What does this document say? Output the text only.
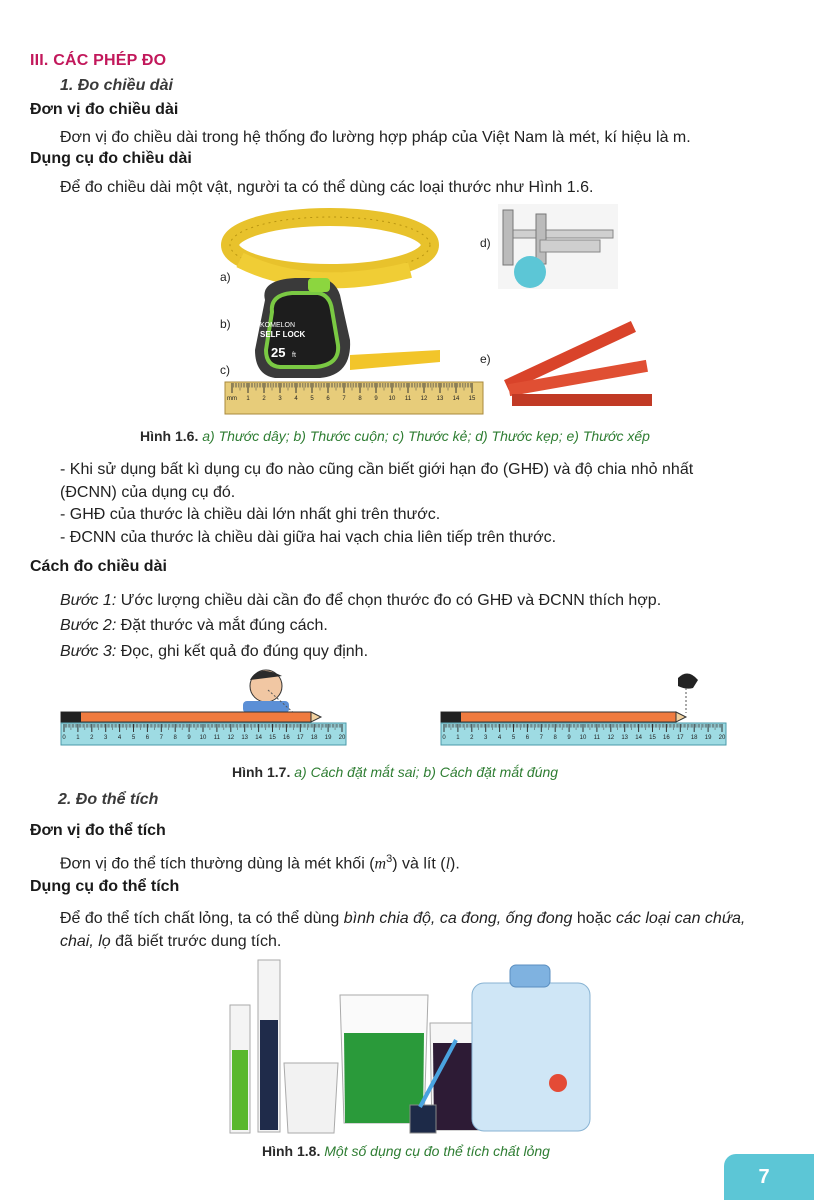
III. CÁC PHÉP ĐO
1. Đo chiều dài
Đơn vị đo chiều dài
Đơn vị đo chiều dài trong hệ thống đo lường hợp pháp của Việt Nam là mét, kí hiệu là m.
Dụng cụ đo chiều dài
Để đo chiều dài một vật, người ta có thể dùng các loại thước như Hình 1.6.
KOMELON
SELF LOCK
25 ft
mm 1 2 3 4 5 6 7 8 9 10 11 12 13 14 15
a)
b)
c)
d)
e)
Hình 1.6. a) Thước dây; b) Thước cuộn; c) Thước kẻ; d) Thước kẹp; e) Thước xếp
- Khi sử dụng bất kì dụng cụ đo nào cũng cần biết giới hạn đo (GHĐ) và độ chia nhỏ nhất
(ĐCNN) của dụng cụ đó.
- GHĐ của thước là chiều dài lớn nhất ghi trên thước.
- ĐCNN của thước là chiều dài giữa hai vạch chia liên tiếp trên thước.
Cách đo chiều dài
Bước 1: Ước lượng chiều dài cần đo để chọn thước đo có GHĐ và ĐCNN thích hợp.
Bước 2: Đặt thước và mắt đúng cách.
Bước 3: Đọc, ghi kết quả đo đúng quy định.
0 1 2 3 4 5 6 7 8 9 10 11 12 13 14 15 16 17 18 19 20	0 1 2 3 4 5 6 7 8 9 10 11 12 13 14 15 16 17 18 19 20
Hình 1.7. a) Cách đặt mắt sai; b) Cách đặt mắt đúng
2. Đo thể tích
Đơn vị đo thể tích
Đơn vị đo thể tích thường dùng là mét khối $(m^3)$ và lít (l).
Dụng cụ đo thể tích
Để đo thể tích chất lỏng, ta có thể dùng bình chia độ, ca đong, ống đong hoặc các loại can chứa,
chai, lọ đã biết trước dung tích.
Hình 1.8. Một số dụng cụ đo thể tích chất lỏng
7
